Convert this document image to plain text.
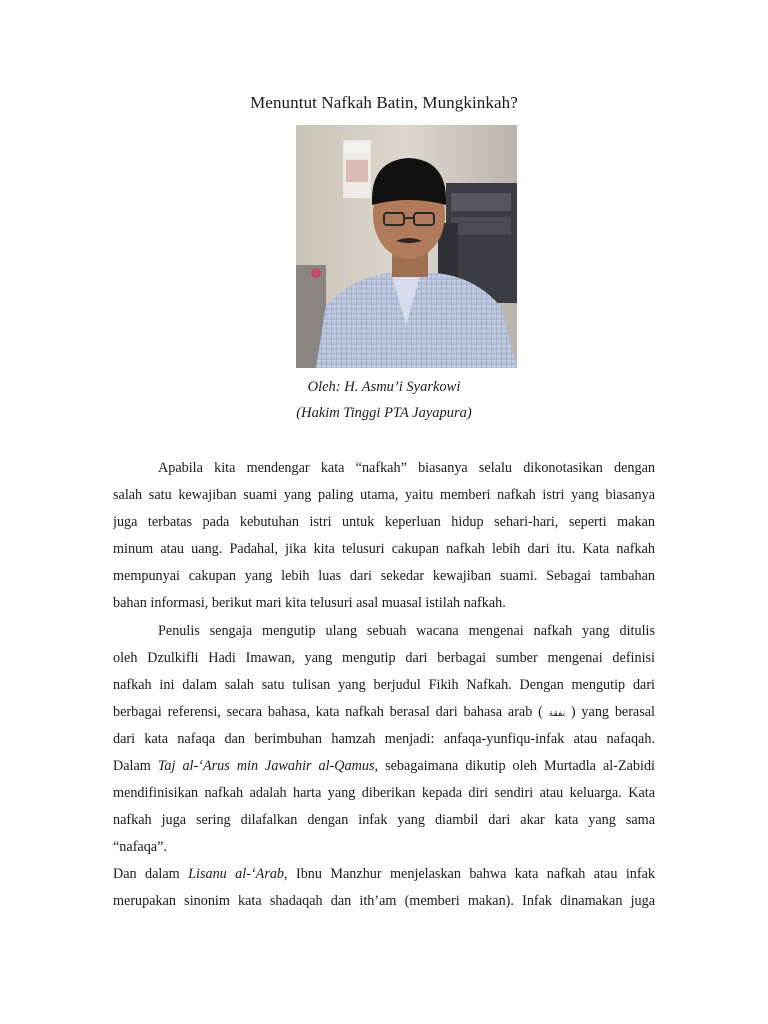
Menuntut Nafkah Batin, Mungkinkah?
Oleh: H. Asmu’i Syarkowi
(Hakim Tinggi PTA Jayapura)
Apabila kita mendengar kata “nafkah” biasanya selalu dikonotasikan dengan
salah satu kewajiban suami yang paling utama, yaitu memberi nafkah istri yang biasanya
juga terbatas pada kebutuhan istri untuk keperluan hidup sehari-hari, seperti makan
minum atau uang. Padahal, jika kita telusuri cakupan nafkah lebih dari itu. Kata nafkah
mempunyai cakupan yang lebih luas dari sekedar kewajiban suami. Sebagai tambahan
bahan informasi, berikut mari kita telusuri asal muasal istilah nafkah.
Penulis sengaja mengutip ulang sebuah wacana mengenai nafkah yang ditulis
oleh Dzulkifli Hadi Imawan, yang mengutip dari berbagai sumber mengenai definisi
nafkah ini dalam salah satu tulisan yang berjudul Fikih Nafkah. Dengan mengutip dari
berbagai referensi, secara bahasa, kata nafkah berasal dari bahasa arab ( نفقة ) yang berasal
dari kata nafaqa dan berimbuhan hamzah menjadi: anfaqa-yunfiqu-infak atau nafaqah.
Dalam Taj al-‘Arus min Jawahir al-Qamus, sebagaimana dikutip oleh Murtadla al-Zabidi
mendifinisikan nafkah adalah harta yang diberikan kepada diri sendiri atau keluarga. Kata
nafkah juga sering dilafalkan dengan infak yang diambil dari akar kata yang sama
“nafaqa”.
Dan dalam Lisanu al-‘Arab, Ibnu Manzhur menjelaskan bahwa kata nafkah atau infak
merupakan sinonim kata shadaqah dan ith’am (memberi makan). Infak dinamakan juga
